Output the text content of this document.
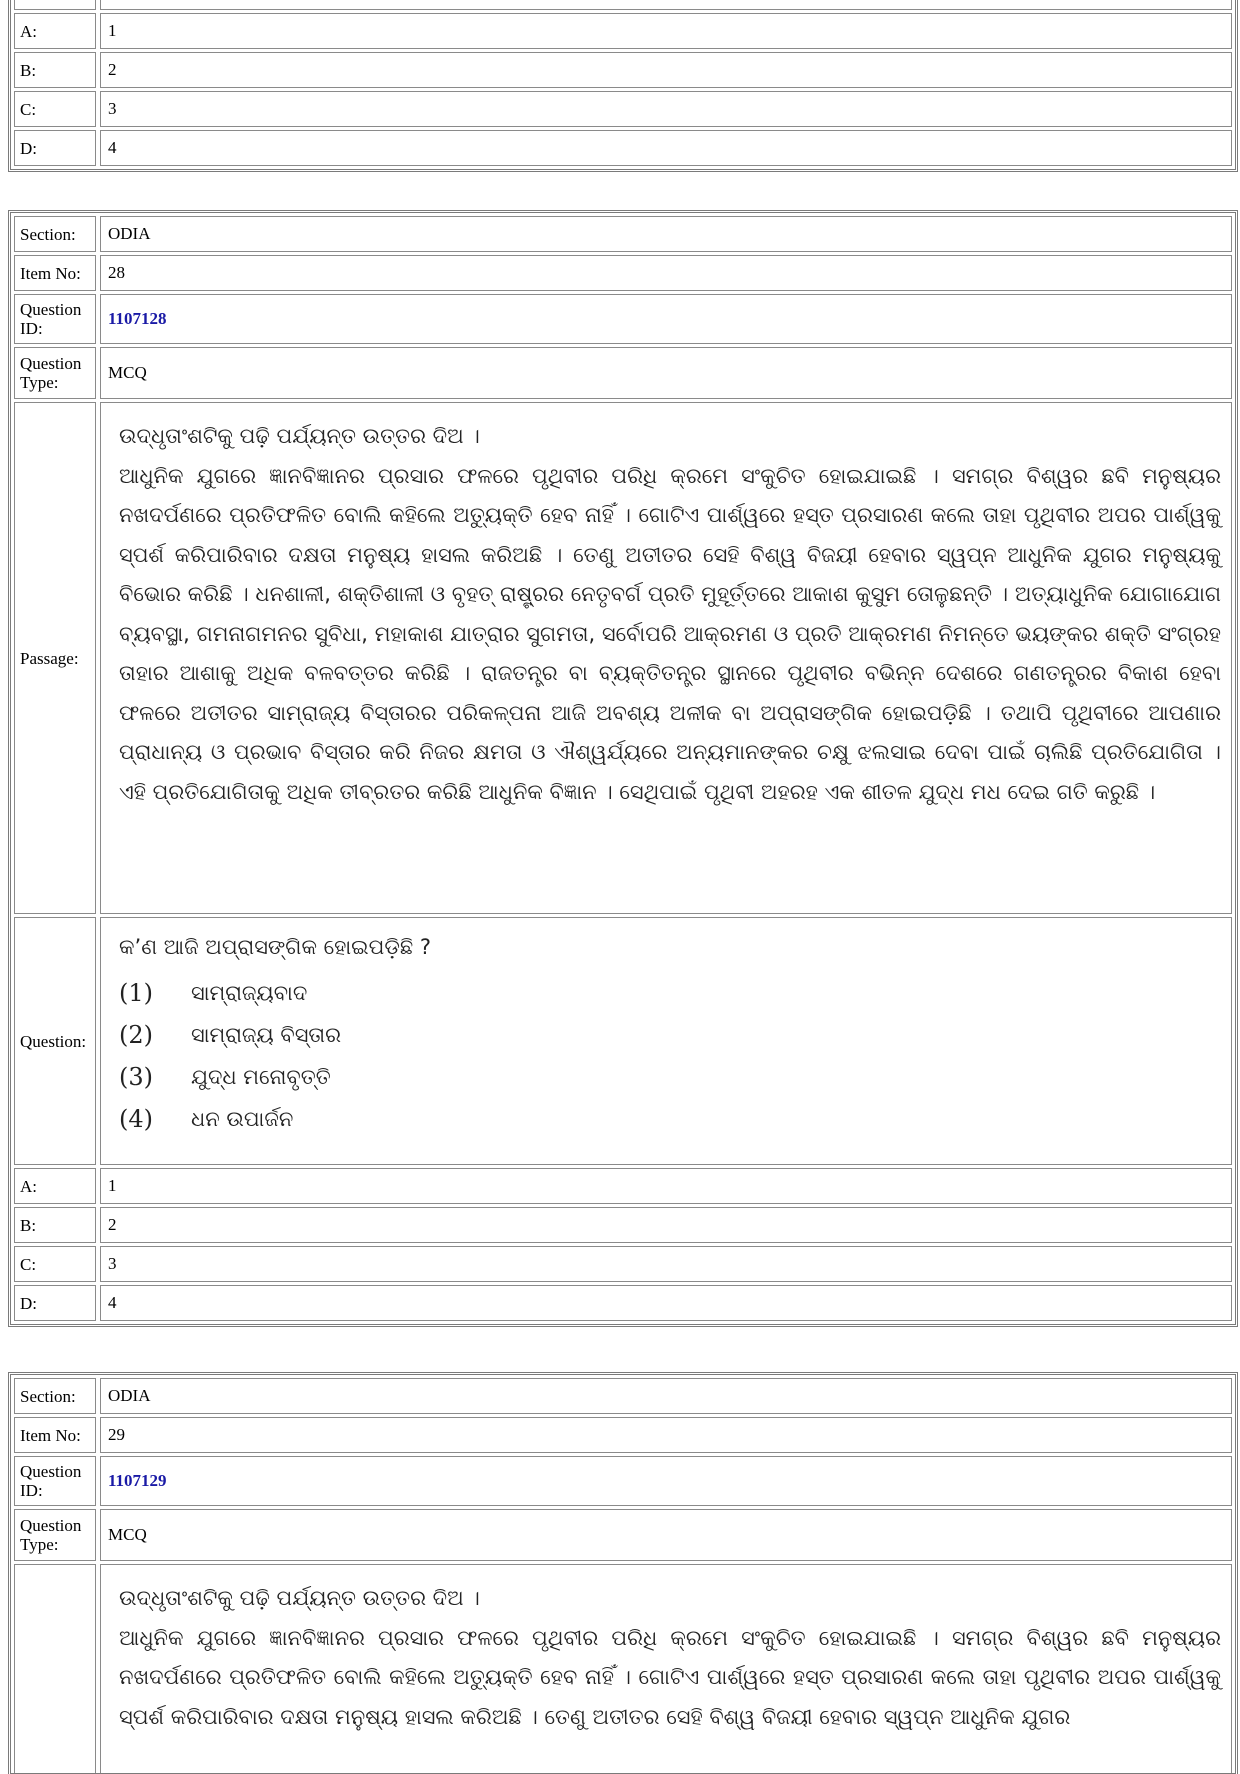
A:	1
B:	2
C:	3
D:	4
Section:	ODIA
Item No:	28
Question ID:
1107128
Question Type:
MCQ
Passage:

ଉଦ୍ଧୃତାଂଶଟିକୁ ପଢ଼ି ପର୍ଯ୍ୟନ୍ତ ଉତ୍ତର ଦିଅ ।

ଆଧୁନିକ ଯୁଗରେ ଜ୍ଞାନବିଜ୍ଞାନର ପ୍ରସାର ଫଳରେ ପୃଥିବୀର ପରିଧି କ୍ରମେ ସଂକୁଚିତ ହୋଇଯାଇଛି । ସମଗ୍ର ବିଶ୍ୱର ଛବି ମନୁଷ୍ୟର ନଖଦର୍ପଣରେ ପ୍ରତିଫଳିତ ବୋଲି କହିଲେ ଅତ୍ୟୁକ୍ତି ହେବ ନାହିଁ । ଗୋଟିଏ ପାର୍ଶ୍ୱରେ ହସ୍ତ ପ୍ରସାରଣ କଲେ ତାହା ପୃଥିବୀର ଅପର ପାର୍ଶ୍ୱକୁ ସ୍ପର୍ଶ କରିପାରିବାର ଦକ୍ଷତା ମନୁଷ୍ୟ ହାସଲ କରିଅଛି । ତେଣୁ ଅତୀତର ସେହି ବିଶ୍ୱ ବିଜୟୀ ହେବାର ସ୍ୱପ୍ନ ଆଧୁନିକ ଯୁଗର ମନୁଷ୍ୟକୁ ବିଭୋର କରିଛି । ଧନଶାଳୀ, ଶକ୍ତିଶାଳୀ ଓ ବୃହତ୍ ରାଷ୍ଟ୍ରର ନେତୃବର୍ଗ ପ୍ରତି ମୁହୂର୍ତ୍ତରେ ଆକାଶ କୁସୁମ ତୋଳୁଛନ୍ତି । ଅତ୍ୟାଧୁନିକ ଯୋଗାଯୋଗ ବ୍ୟବସ୍ଥା, ଗମନାଗମନର ସୁବିଧା, ମହାକାଶ ଯାତ୍ରାର ସୁଗମତା, ସର୍ବୋପରି ଆକ୍ରମଣ ଓ ପ୍ରତି ଆକ୍ରମଣ ନିମନ୍ତେ ଭୟଙ୍କର ଶକ୍ତି ସଂଗ୍ରହ ତାହାର ଆଶାକୁ ଅଧିକ ବଳବତ୍ତର କରିଛି । ରାଜତନ୍ତ୍ର ବା ବ୍ୟକ୍ତିତନ୍ତ୍ର ସ୍ଥାନରେ ପୃଥିବୀର ବଭିନ୍ନ ଦେଶରେ ଗଣତନ୍ତ୍ରର ବିକାଶ ହେବା ଫଳରେ ଅତୀତର ସାମ୍ରାଜ୍ୟ ବିସ୍ତାରର ପରିକଳ୍ପନା ଆଜି ଅବଶ୍ୟ ଅଳୀକ ବା ଅପ୍ରାସଙ୍ଗିକ ହୋଇପଡ଼ିଛି । ତଥାପି ପୃଥିବୀରେ ଆପଣାର ପ୍ରାଧାନ୍ୟ ଓ ପ୍ରଭାବ ବିସ୍ତାର କରି ନିଜର କ୍ଷମତା ଓ ଐଶ୍ୱର୍ଯ୍ୟରେ ଅନ୍ୟମାନଙ୍କର ଚକ୍ଷୁ ଝଲସାଇ ଦେବା ପାଇଁ ଚାଲିଛି ପ୍ରତିଯୋଗିତା । ଏହି ପ୍ରତିଯୋଗିତାକୁ ଅଧିକ ତୀବ୍ରତର କରିଛି ଆଧୁନିକ ବିଜ୍ଞାନ । ସେଥିପାଇଁ ପୃଥିବୀ ଅହରହ ଏକ ଶୀତଳ ଯୁଦ୍ଧ ମଧ ଦେଇ ଗତି କରୁଛି ।

Question:
କ’ଣ ଆଜି ଅପ୍ରାସଙ୍ଗିକ ହୋଇପଡ଼ିଛି ?
(1)	ସାମ୍ରାଜ୍ୟବାଦ
(2)	ସାମ୍ରାଜ୍ୟ ବିସ୍ତାର
(3)	ଯୁଦ୍ଧ ମନୋବୃତ୍ତି
(4)	ଧନ ଉପାର୍ଜନ
A:	1
B:	2
C:	3
D:	4
Section:	ODIA
Item No:	29
Question ID:
1107129
Question Type:
MCQ

ଉଦ୍ଧୃତାଂଶଟିକୁ ପଢ଼ି ପର୍ଯ୍ୟନ୍ତ ଉତ୍ତର ଦିଅ ।

ଆଧୁନିକ ଯୁଗରେ ଜ୍ଞାନବିଜ୍ଞାନର ପ୍ରସାର ଫଳରେ ପୃଥିବୀର ପରିଧି କ୍ରମେ ସଂକୁଚିତ ହୋଇଯାଇଛି । ସମଗ୍ର ବିଶ୍ୱର ଛବି ମନୁଷ୍ୟର ନଖଦର୍ପଣରେ ପ୍ରତିଫଳିତ ବୋଲି କହିଲେ ଅତ୍ୟୁକ୍ତି ହେବ ନାହିଁ । ଗୋଟିଏ ପାର୍ଶ୍ୱରେ ହସ୍ତ ପ୍ରସାରଣ କଲେ ତାହା ପୃଥିବୀର ଅପର ପାର୍ଶ୍ୱକୁ ସ୍ପର୍ଶ କରିପାରିବାର ଦକ୍ଷତା ମନୁଷ୍ୟ ହାସଲ କରିଅଛି । ତେଣୁ ଅତୀତର ସେହି ବିଶ୍ୱ ବିଜୟୀ ହେବାର ସ୍ୱପ୍ନ ଆଧୁନିକ ଯୁଗର
